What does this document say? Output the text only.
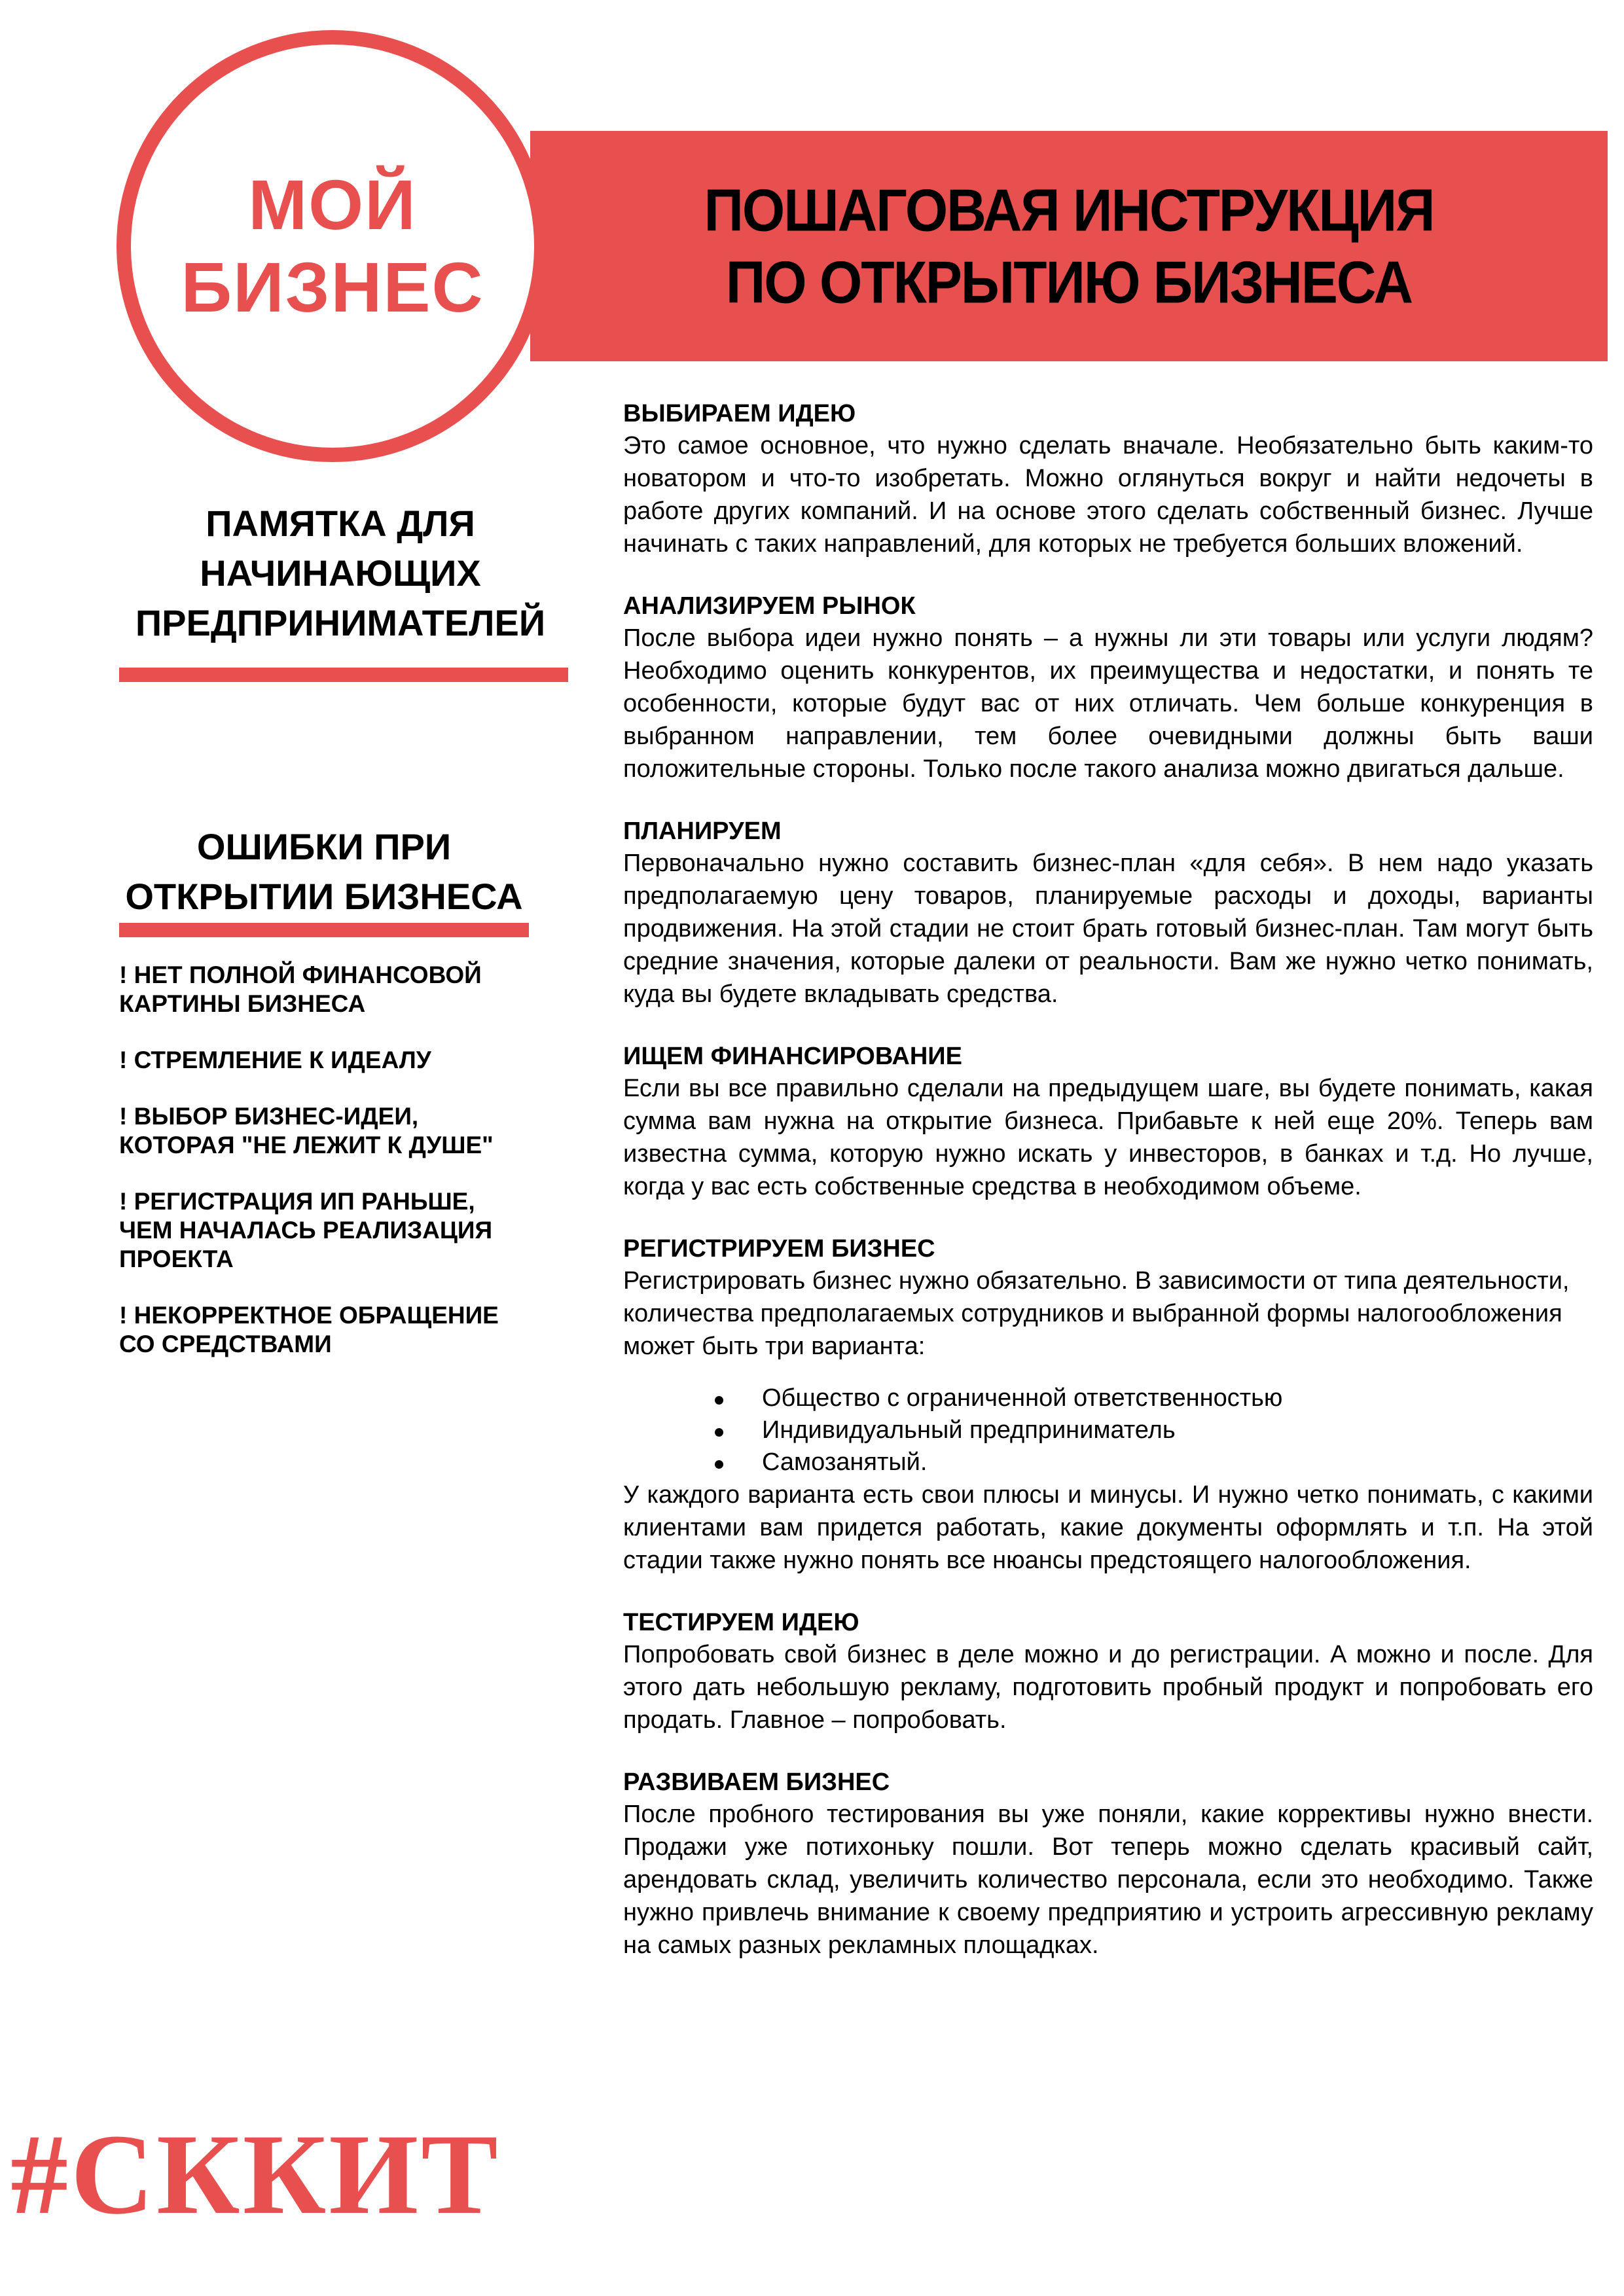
МОЙ
БИЗНЕС
ПОШАГОВАЯ ИНСТРУКЦИЯ
ПО ОТКРЫТИЮ БИЗНЕСА
ПАМЯТКА ДЛЯ
НАЧИНАЮЩИХ
ПРЕДПРИНИМАТЕЛЕЙ
ОШИБКИ ПРИ
ОТКРЫТИИ БИЗНЕСА
! НЕТ ПОЛНОЙ ФИНАНСОВОЙ
КАРТИНЫ БИЗНЕСА
! СТРЕМЛЕНИЕ К ИДЕАЛУ
! ВЫБОР БИЗНЕС-ИДЕИ,
КОТОРАЯ "НЕ ЛЕЖИТ К ДУШЕ"
! РЕГИСТРАЦИЯ ИП РАНЬШЕ,
ЧЕМ НАЧАЛАСЬ РЕАЛИЗАЦИЯ
ПРОЕКТА
! НЕКОРРЕКТНОЕ ОБРАЩЕНИЕ
СО СРЕДСТВАМИ
ВЫБИРАЕМ ИДЕЮ
Это самое основное, что нужно сделать вначале. Необязательно быть каким-то новатором и что-то изобретать. Можно оглянуться вокруг и найти недочеты в работе других компаний. И на основе этого сделать собственный бизнес. Лучше начинать с таких направлений, для которых не требуется больших вложений.
АНАЛИЗИРУЕМ РЫНОК
После выбора идеи нужно понять – а нужны ли эти товары или услуги людям? Необходимо оценить конкурентов, их преимущества и недостатки, и понять те особенности, которые будут вас от них отличать. Чем больше конкуренция в выбранном направлении, тем более очевидными должны быть ваши положительные стороны. Только после такого анализа можно двигаться дальше.
ПЛАНИРУЕМ
Первоначально нужно составить бизнес-план «для себя». В нем надо указать предполагаемую цену товаров, планируемые расходы и доходы, варианты продвижения. На этой стадии не стоит брать готовый бизнес-план. Там могут быть средние значения, которые далеки от реальности. Вам же нужно четко понимать, куда вы будете вкладывать средства.
ИЩЕМ ФИНАНСИРОВАНИЕ
Если вы все правильно сделали на предыдущем шаге, вы будете понимать, какая сумма вам нужна на открытие бизнеса. Прибавьте к ней еще 20%. Теперь вам известна сумма, которую нужно искать у инвесторов, в банках и т.д. Но лучше, когда у вас есть собственные средства в необходимом объеме.
РЕГИСТРИРУЕМ БИЗНЕС
Регистрировать бизнес нужно обязательно. В зависимости от типа деятельности, количества предполагаемых сотрудников и выбранной формы налогообложения может быть три варианта:
Общество с ограниченной ответственностью
Индивидуальный предприниматель
Самозанятый.
У каждого варианта есть свои плюсы и минусы. И нужно четко понимать, с какими клиентами вам придется работать, какие документы оформлять и т.п. На этой стадии также нужно понять все нюансы предстоящего налогообложения.
ТЕСТИРУЕМ ИДЕЮ
Попробовать свой бизнес в деле можно и до регистрации. А можно и после. Для этого дать небольшую рекламу, подготовить пробный продукт и попробовать его продать. Главное – попробовать.
РАЗВИВАЕМ БИЗНЕС
После пробного тестирования вы уже поняли, какие коррективы нужно внести. Продажи уже потихоньку пошли. Вот теперь можно сделать красивый сайт, арендовать склад, увеличить количество персонала, если это необходимо. Также нужно привлечь внимание к своему предприятию и устроить агрессивную рекламу на самых разных рекламных площадках.
#СККИТ
